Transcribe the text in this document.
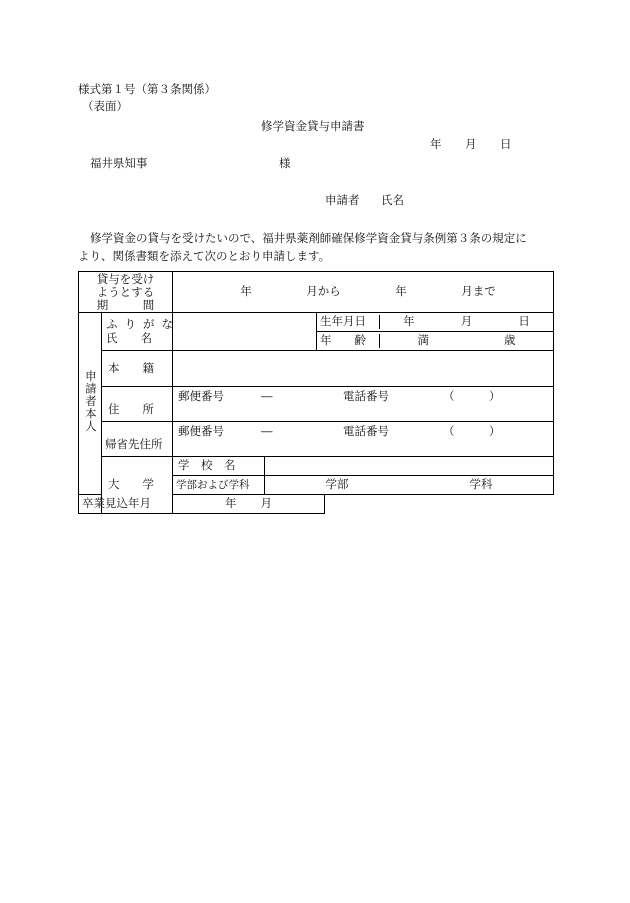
様式第１号（第３条関係）
（表面）
修学資金貸与申請書
年 月 日
福井県知事	様
申請者 氏名
修学資金の貸与を受けたいので、福井県薬剤師確保修学資金貸与条例第３条の規定に
より、関係書類を添えて次のとおり申請します。
貸与を受け
ようとする
期　　　間		年 月から 年 月まで		

申請者本人	ふりがな
氏　　名			生年月日 年 月 日

				年　　齢 満 歳

	本　　籍			
	住　　所	郵便番号 ― 電話番号 （　　　）		

	帰省先住所	郵便番号 ― 電話番号 （　　　）		

	大　　学	学　校　名		
		学部および学科	学部 学科	

卒業見込年月		年 月		
